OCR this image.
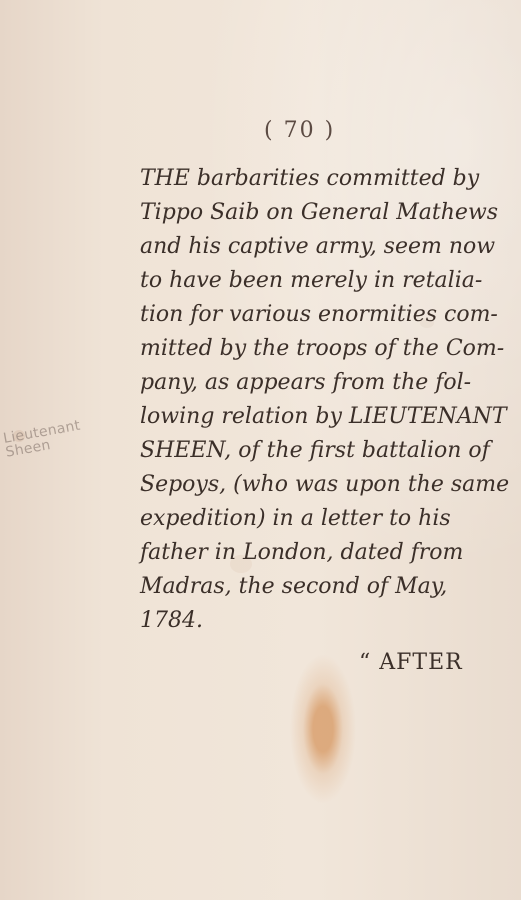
Lieutenant Sheen
( 70 )
THE barbarities committed by
Tippo Saib on General Mathews
and his captive army, seem now
to have been merely in retalia-
tion for various enormities com-
mitted by the troops of the Com-
pany, as appears from the fol-
lowing relation by LIEUTENANT
SHEEN, of the first battalion of
Sepoys, (who was upon the same
expedition) in a letter to his
father in London, dated from
Madras, the second of May,
1784.
“ AFTER
